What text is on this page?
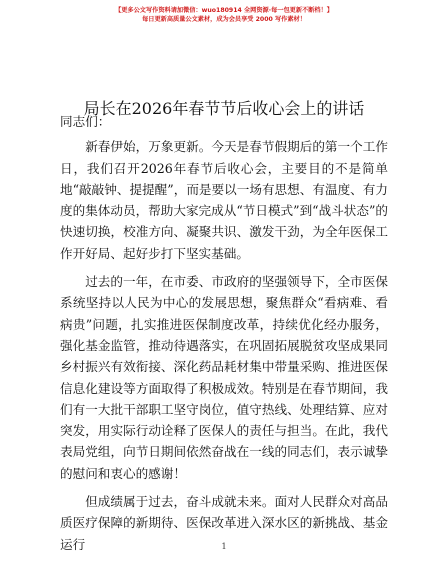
【更多公文写作资料请加微信：wuo180914 全网资源·每一包更新不断档！】
每日更新高质量公文素材，成为会员享受 2000 写作素材！
局长在2026年春节节后收心会上的讲话

同志们：

新春伊始，万象更新。今天是春节假期后的第一个工作日，我们召开2026年春节后收心会，主要目的不是简单地“敲敲钟、提提醒”，而是要以一场有思想、有温度、有力度的集体动员，帮助大家完成从“节日模式”到“战斗状态”的快速切换，校准方向、凝聚共识、激发干劲，为全年医保工作开好局、起好步打下坚实基础。

过去的一年，在市委、市政府的坚强领导下，全市医保系统坚持以人民为中心的发展思想，聚焦群众“看病难、看病贵”问题，扎实推进医保制度改革，持续优化经办服务，强化基金监管，推动待遇落实，在巩固拓展脱贫攻坚成果同乡村振兴有效衔接、深化药品耗材集中带量采购、推进医保信息化建设等方面取得了积极成效。特别是在春节期间，我们有一大批干部职工坚守岗位，值守热线、处理结算、应对突发，用实际行动诠释了医保人的责任与担当。在此，我代表局党组，向节日期间依然奋战在一线的同志们，表示诚挚的慰问和衷心的感谢！

但成绩属于过去，奋斗成就未来。面对人民群众对高品质医疗保障的新期待、医保改革进入深水区的新挑战、基金运行	1
